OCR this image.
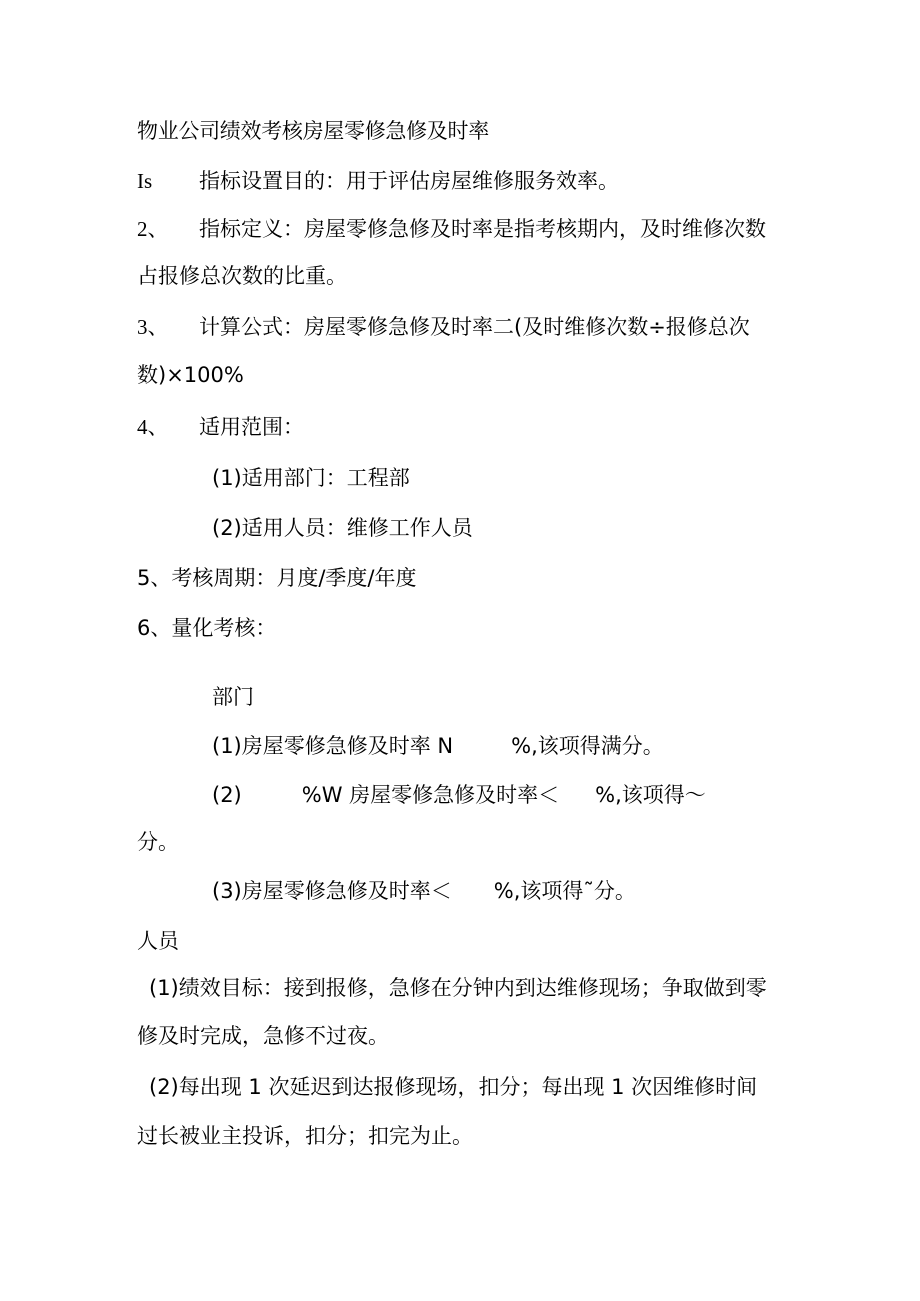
物业公司绩效考核房屋零修急修及时率
Is 指标设置目的：用于评估房屋维修服务效率。
2、 指标定义：房屋零修急修及时率是指考核期内，及时维修次数
占报修总次数的比重。
3、 计算公式：房屋零修急修及时率二(及时维修次数÷报修总次
数)×100%
4、 适用范围：
(1)适用部门：工程部
(2)适用人员：维修工作人员
5、考核周期：月度/季度/年度
6、量化考核：
部门
(1)房屋零修急修及时率 N	%,该项得满分。
(2)	%W 房屋零修急修及时率＜ %,该项得～
分。
(3)房屋零修急修及时率＜ %,该项得˜分。
人员
(1)绩效目标：接到报修，急修在分钟内到达维修现场；争取做到零
修及时完成，急修不过夜。
(2)每出现 1 次延迟到达报修现场，扣分；每出现 1 次因维修时间
过长被业主投诉，扣分；扣完为止。
